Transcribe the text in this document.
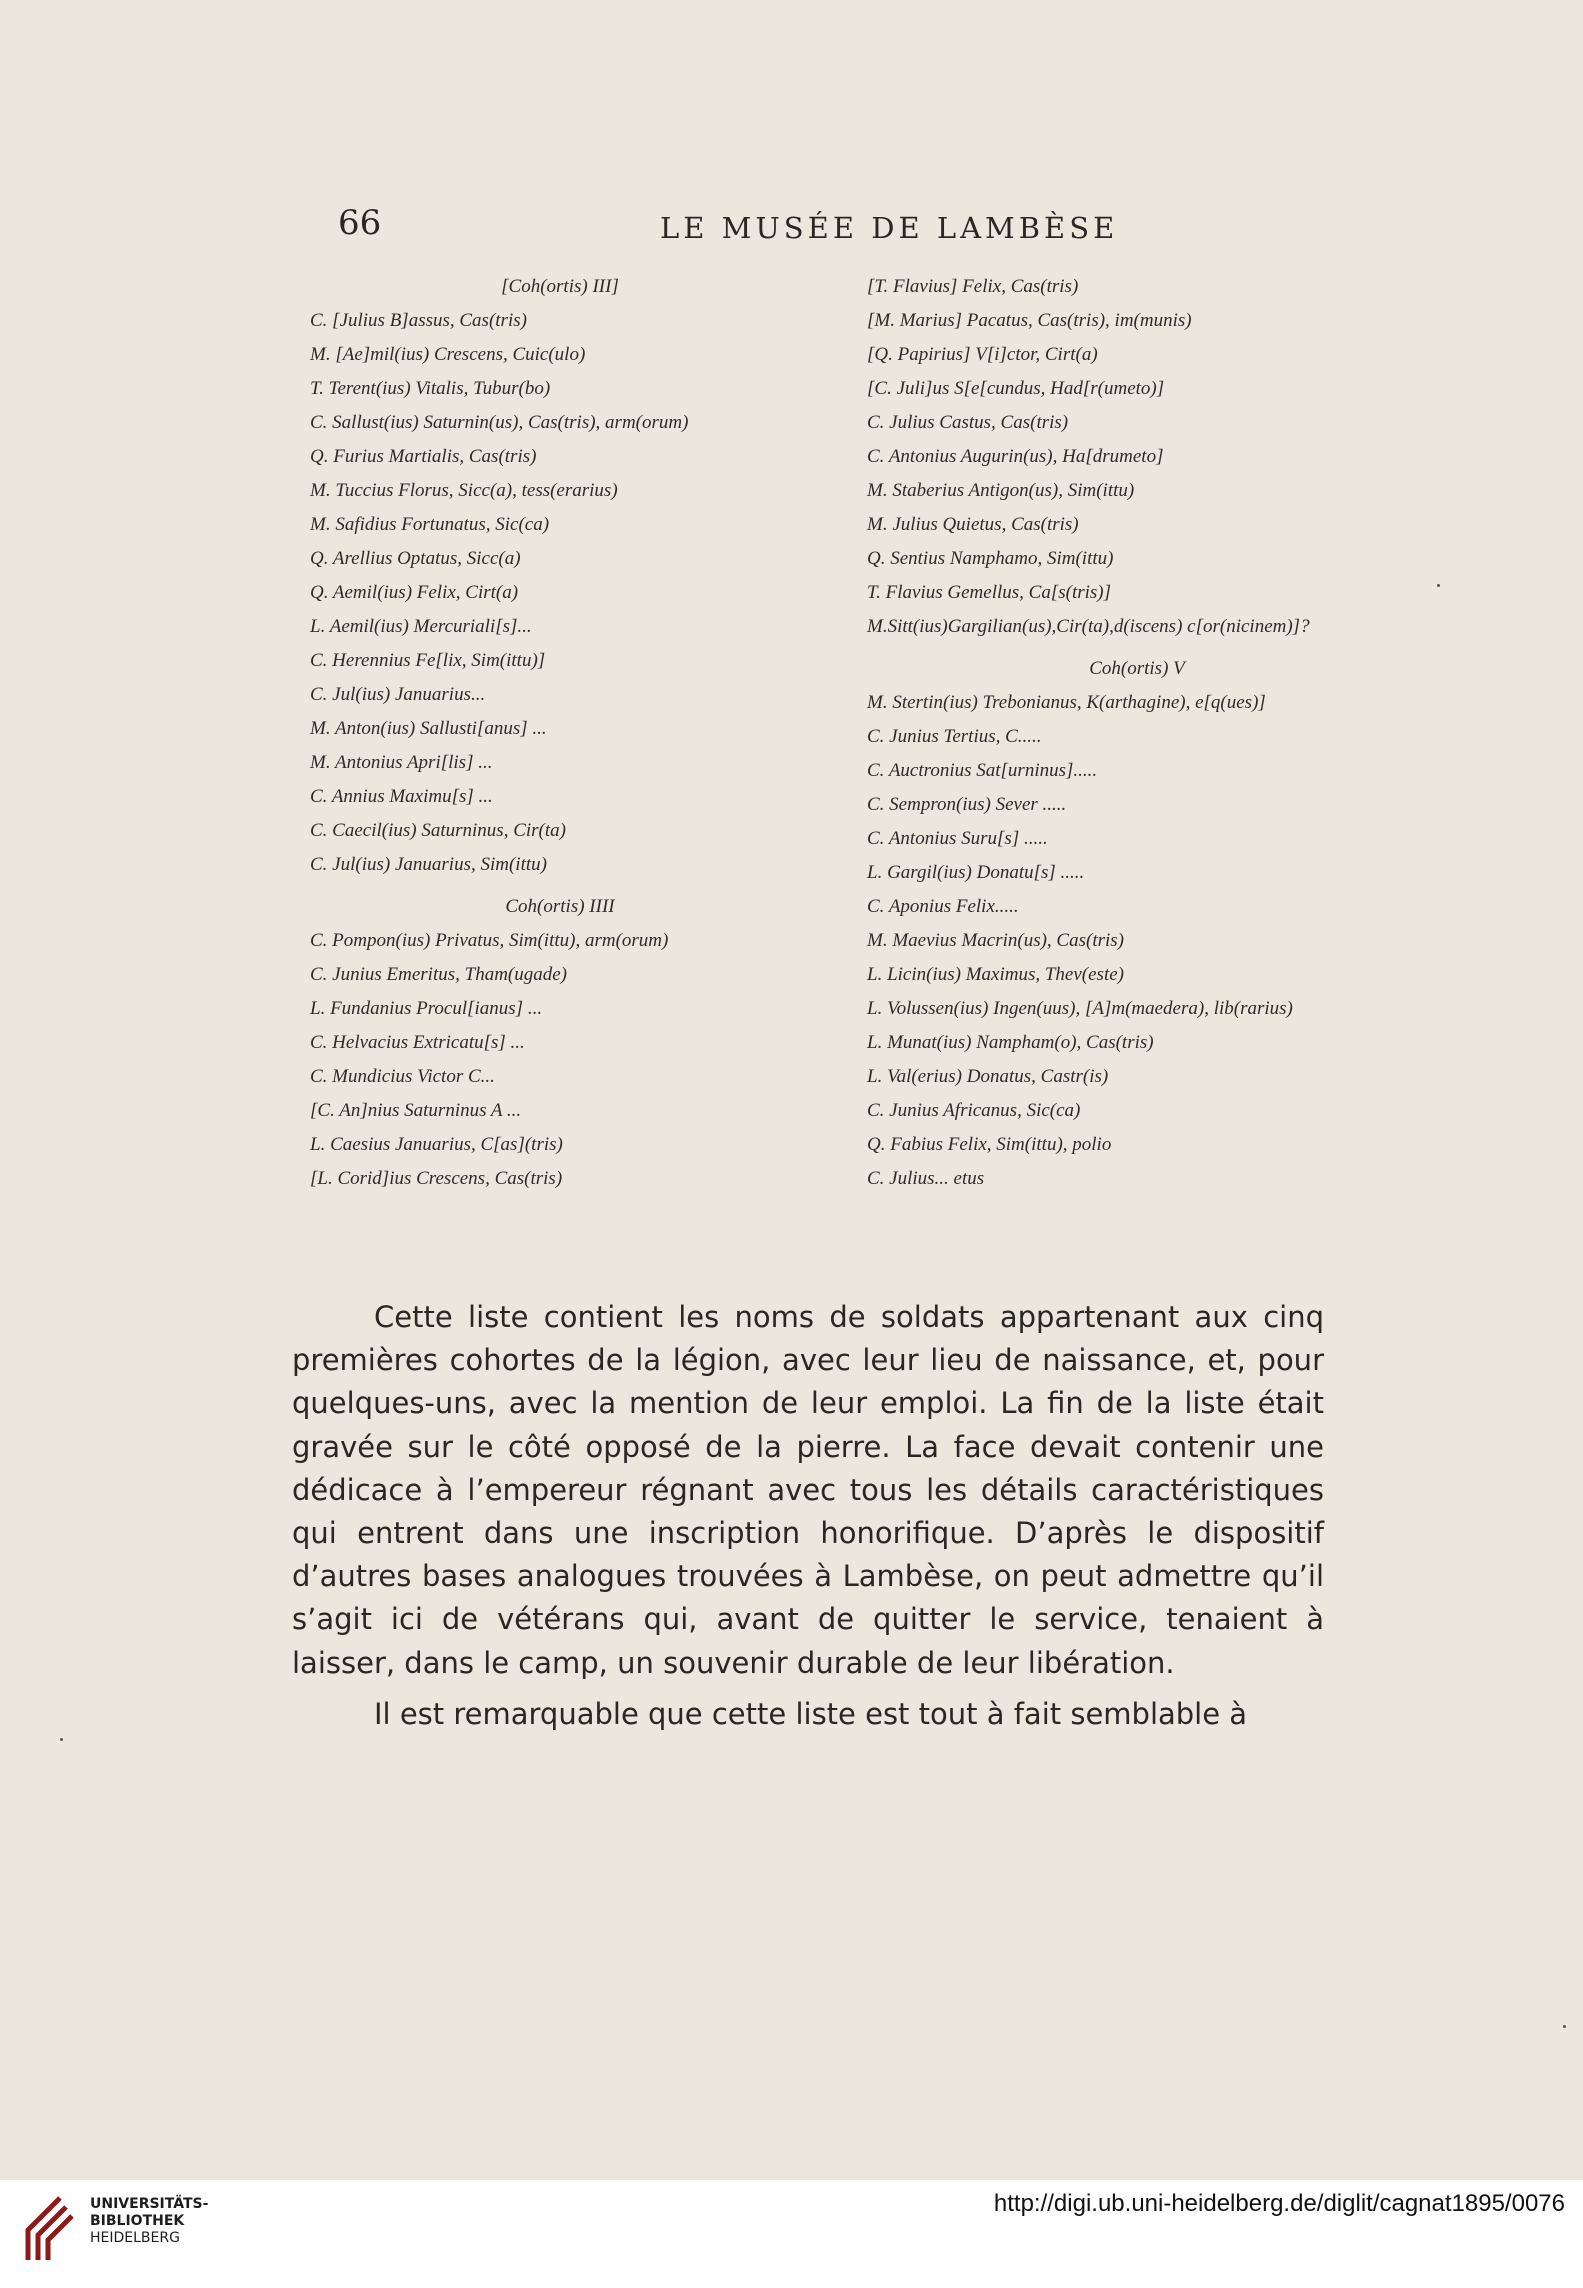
66	LE MUSÉE DE LAMBÈSE
[Coh(ortis) III]
C. [Julius B]assus, Cas(tris)
M. [Ae]mil(ius) Crescens, Cuic(ulo)
T. Terent(ius) Vitalis, Tubur(bo)
C. Sallust(ius) Saturnin(us), Cas(tris), arm(orum)
Q. Furius Martialis, Cas(tris)
M. Tuccius Florus, Sicc(a), tess(erarius)
M. Safidius Fortunatus, Sic(ca)
Q. Arellius Optatus, Sicc(a)
Q. Aemil(ius) Felix, Cirt(a)
L. Aemil(ius) Mercuriali[s]...
C. Herennius Fe[lix, Sim(ittu)]
C. Jul(ius) Januarius...
M. Anton(ius) Sallusti[anus] ...
M. Antonius Apri[lis] ...
C. Annius Maximu[s] ...
C. Caecil(ius) Saturninus, Cir(ta)
C. Jul(ius) Januarius, Sim(ittu)
Coh(ortis) IIII
C. Pompon(ius) Privatus, Sim(ittu), arm(orum)
C. Junius Emeritus, Tham(ugade)
L. Fundanius Procul[ianus] ...
C. Helvacius Extricatu[s] ...
C. Mundicius Victor C...
[C. An]nius Saturninus A ...
L. Caesius Januarius, C[as](tris)
[L. Corid]ius Crescens, Cas(tris)
[T. Flavius] Felix, Cas(tris)
[M. Marius] Pacatus, Cas(tris), im(munis)
[Q. Papirius] V[i]ctor, Cirt(a)
[C. Juli]us S[e[cundus, Had[r(umeto)]
C. Julius Castus, Cas(tris)
C. Antonius Augurin(us), Ha[drumeto]
M. Staberius Antigon(us), Sim(ittu)
M. Julius Quietus, Cas(tris)
Q. Sentius Namphamo, Sim(ittu)
T. Flavius Gemellus, Ca[s(tris)]
M.Sitt(ius)Gargilian(us),Cir(ta),d(iscens) c[or(nicinem)]?
Coh(ortis) V
M. Stertin(ius) Trebonianus, K(arthagine), e[q(ues)]
C. Junius Tertius, C.....
C. Auctronius Sat[urninus].....
C. Sempron(ius) Sever .....
C. Antonius Suru[s] .....
L. Gargil(ius) Donatu[s] .....
C. Aponius Felix.....
M. Maevius Macrin(us), Cas(tris)
L. Licin(ius) Maximus, Thev(este)
L. Volussen(ius) Ingen(uus), [A]m(maedera), lib(rarius)
L. Munat(ius) Nampham(o), Cas(tris)
L. Val(erius) Donatus, Castr(is)
C. Junius Africanus, Sic(ca)
Q. Fabius Felix, Sim(ittu), polio
C. Julius... etus

Cette liste contient les noms de soldats appartenant aux cinq premières cohortes de la légion, avec leur lieu de naissance, et, pour quelques-uns, avec la mention de leur emploi. La fin de la liste était gravée sur le côté opposé de la pierre. La face devait contenir une dédicace à l’empereur régnant avec tous les détails caractéristiques qui entrent dans une inscription honorifique. D’après le dispositif d’autres bases analogues trouvées à Lambèse, on peut admettre qu’il s’agit ici de vétérans qui, avant de quitter le service, tenaient à laisser, dans le camp, un souvenir durable de leur libération.

Il est remarquable que cette liste est tout à fait semblable à

UNIVERSITÄTS-
BIBLIOTHEK
HEIDELBERG
http://digi.ub.uni-heidelberg.de/diglit/cagnat1895/0076
